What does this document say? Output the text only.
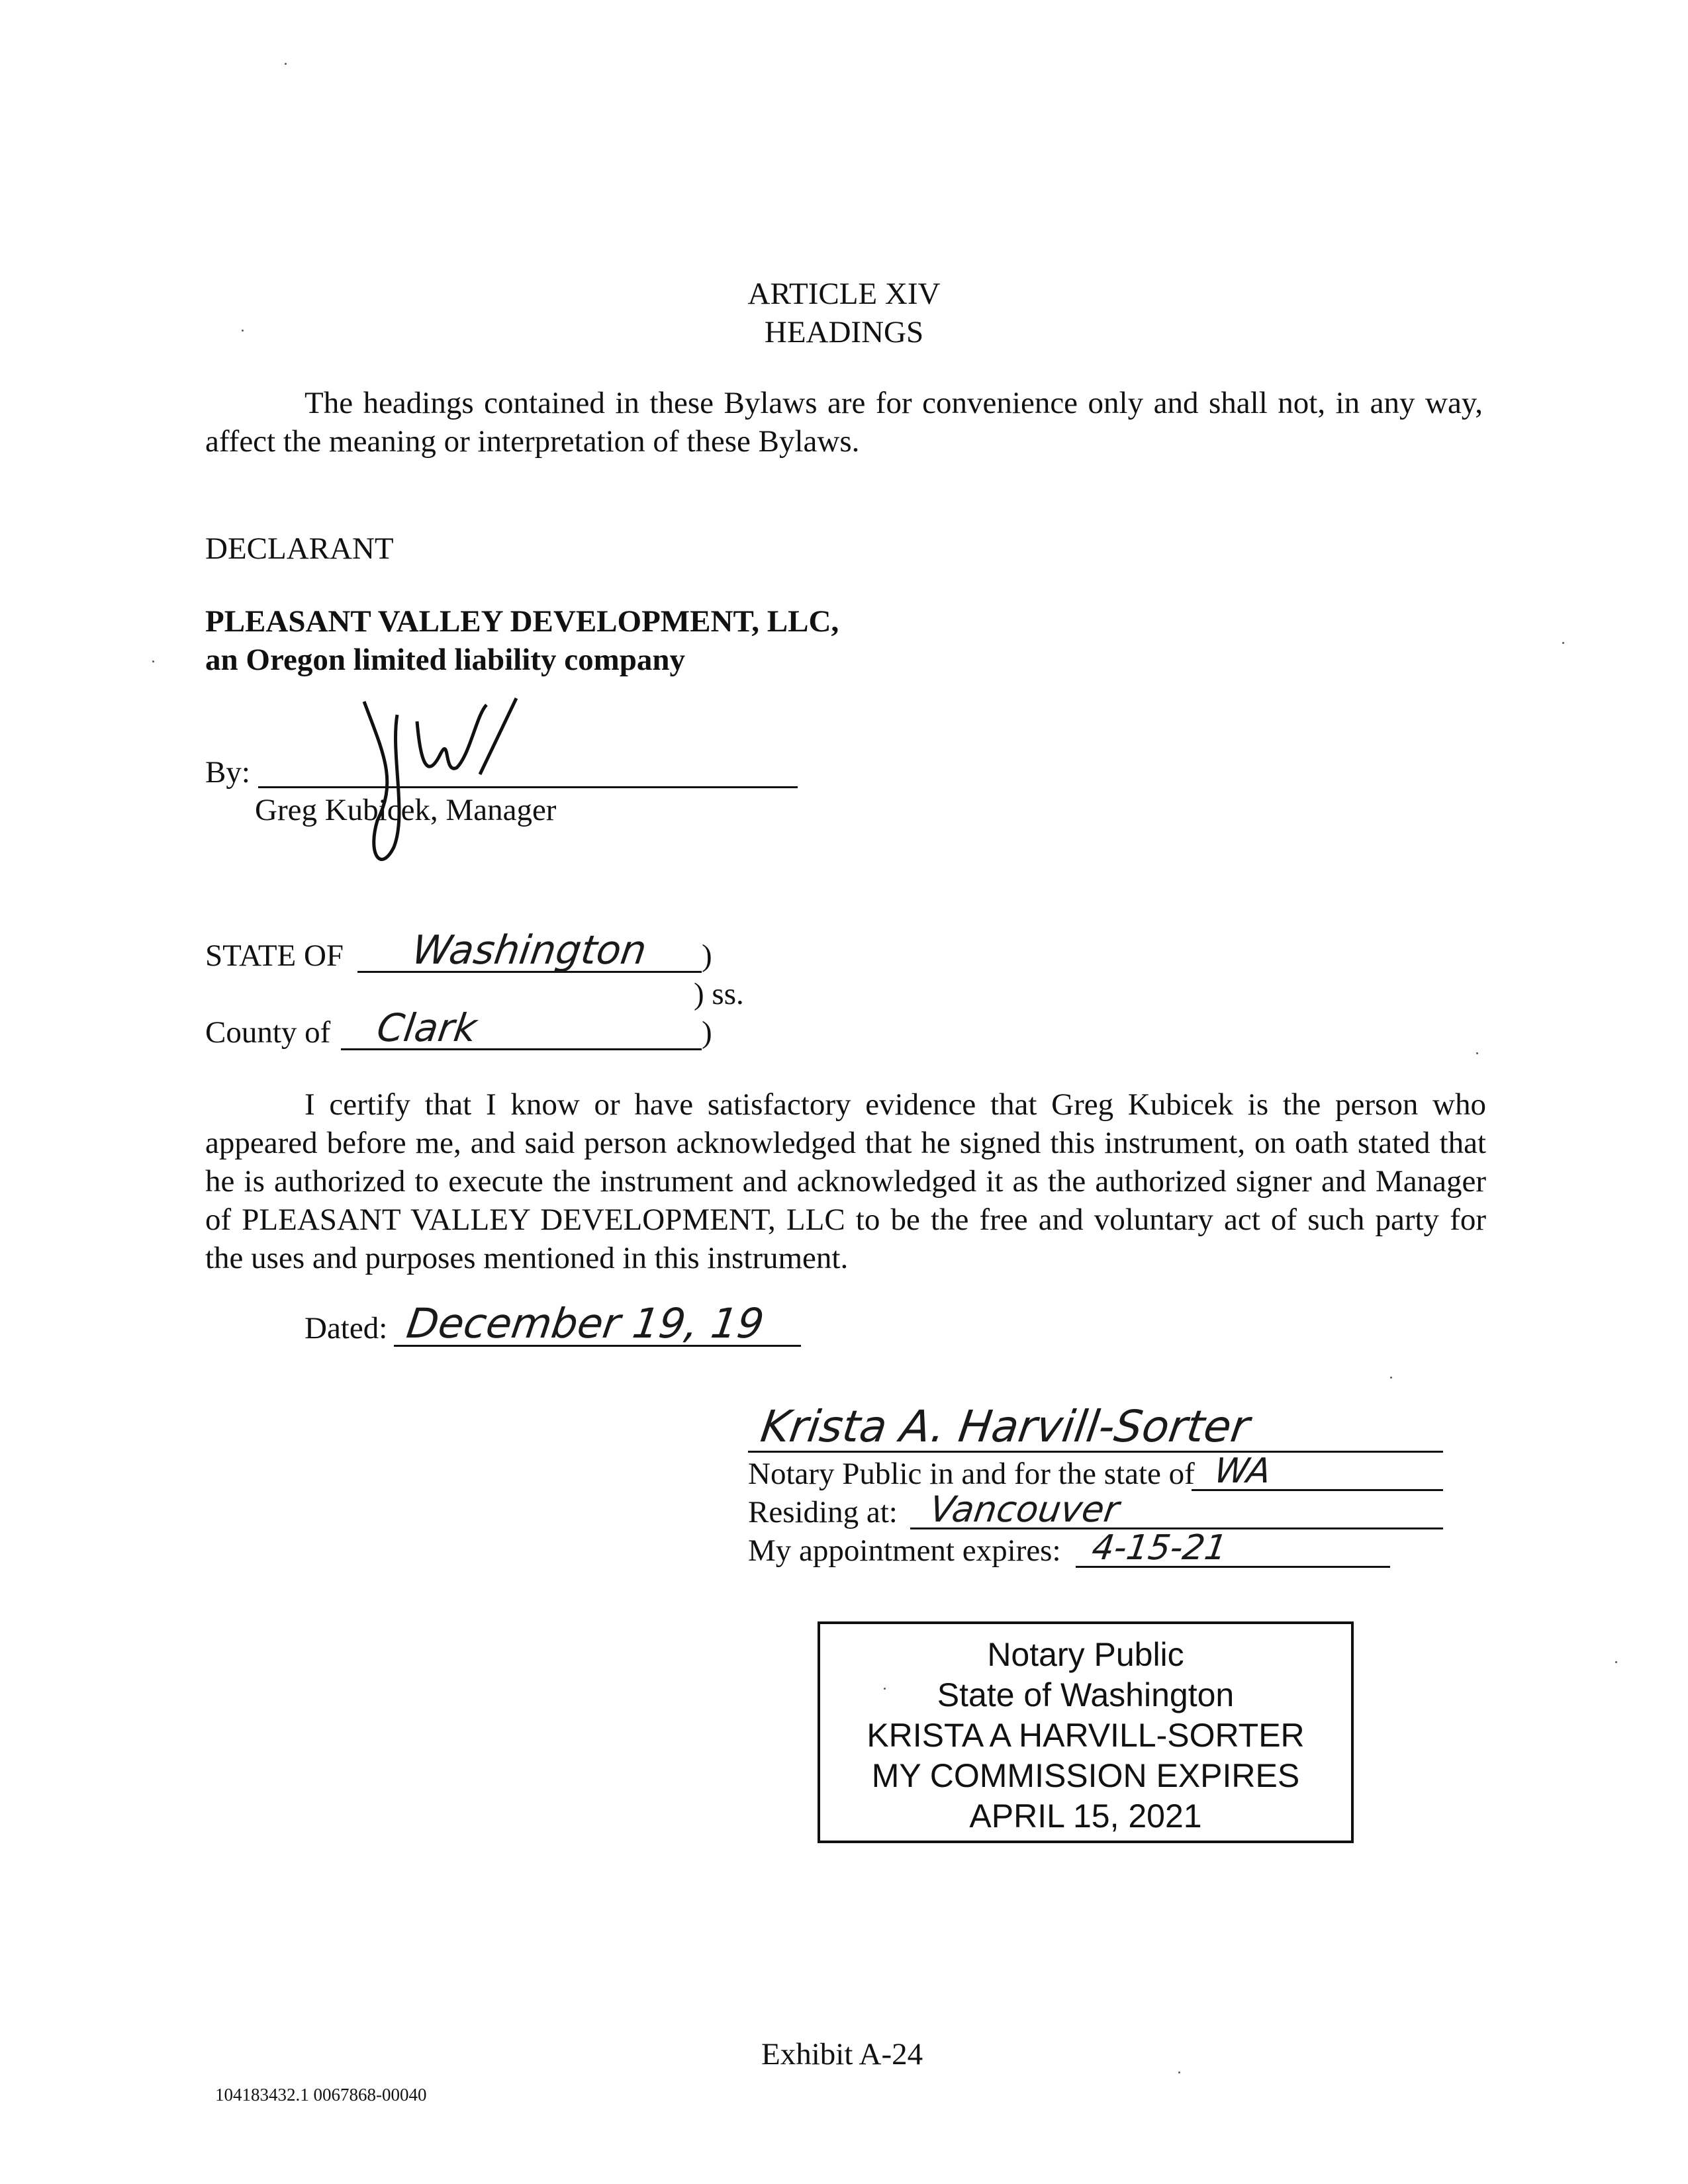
ARTICLE XIV
HEADINGS
The headings contained in these Bylaws are for convenience only and shall not, in any way, affect the meaning or interpretation of these Bylaws.
DECLARANT
PLEASANT VALLEY DEVELOPMENT, LLC,
an Oregon limited liability company
By:
Greg Kubicek, Manager
STATE OF	Washington	)
) ss.
County of	Clark	)
I certify that I know or have satisfactory evidence that Greg Kubicek is the person who appeared before me, and said person acknowledged that he signed this instrument, on oath stated that he is authorized to execute the instrument and acknowledged it as the authorized signer and Manager of PLEASANT VALLEY DEVELOPMENT, LLC to be the free and voluntary act of such party for the uses and purposes mentioned in this instrument.
Dated: December 19, 19
Krista A. Harvill-Sorter
Notary Public in and for the state of WA
Residing at: Vancouver
My appointment expires: 4-15-21
Notary Public
State of Washington
KRISTA A HARVILL-SORTER
MY COMMISSION EXPIRES
APRIL 15, 2021
Exhibit A-24
104183432.1 0067868-00040
